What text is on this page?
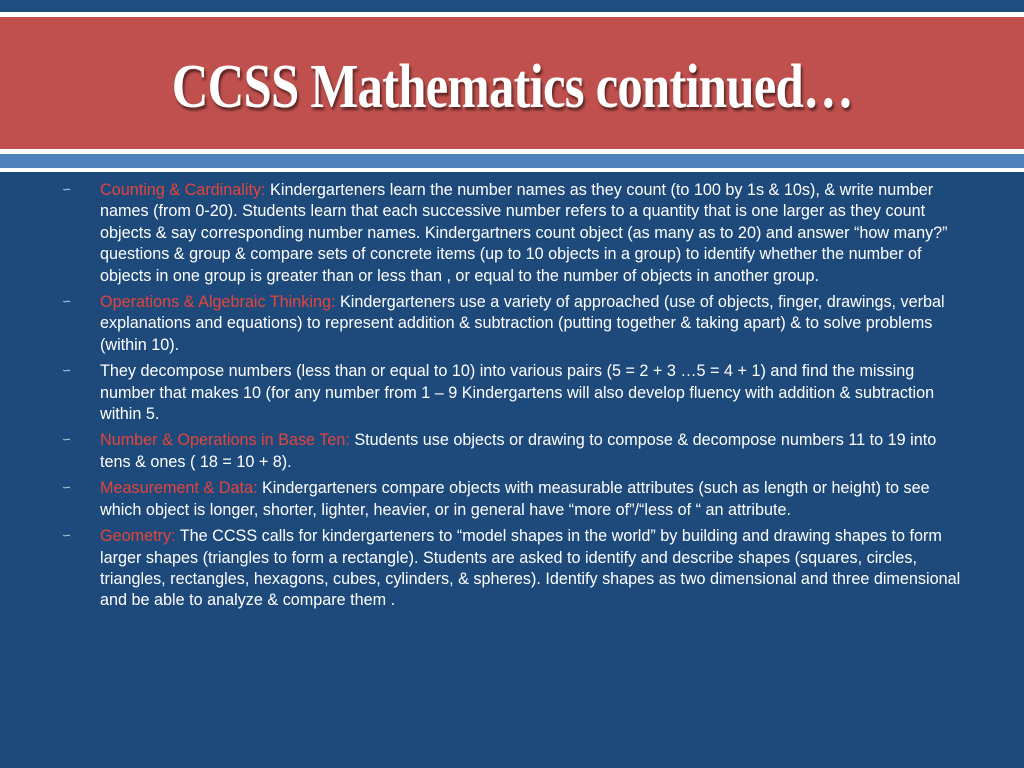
CCSS Mathematics continued…

∽ Counting & Cardinality: Kindergarteners learn the number names as they count (to 100 by 1s & 10s), & write number names (from 0-20). Students learn that each successive number refers to a quantity that is one larger as they count objects & say corresponding number names. Kindergartners count object (as many as to 20) and answer “how many?” questions & group & compare sets of concrete items (up to 10 objects in a group) to identify whether the number of objects in one group is greater than or less than , or equal to the number of objects in another group.

∽ Operations & Algebraic Thinking: Kindergarteners use a variety of approached (use of objects, finger, drawings, verbal explanations and equations) to represent addition & subtraction (putting together & taking apart) & to solve problems (within 10).

∽ They decompose numbers (less than or equal to 10) into various pairs (5 = 2 + 3 …5 = 4 + 1) and find the missing number that makes 10 (for any number from 1 – 9 Kindergartens will also develop fluency with addition & subtraction within 5.

∽ Number & Operations in Base Ten: Students use objects or drawing to compose & decompose numbers 11 to 19 into tens & ones ( 18 = 10 + 8).

∽ Measurement & Data: Kindergarteners compare objects with measurable attributes (such as length or height) to see which object is longer, shorter, lighter, heavier, or in general have “more of”/“less of “ an attribute.

∽ Geometry: The CCSS calls for kindergarteners to “model shapes in the world” by building and drawing shapes to form larger shapes (triangles to form a rectangle). Students are asked to identify and describe shapes (squares, circles, triangles, rectangles, hexagons, cubes, cylinders, & spheres). Identify shapes as two dimensional and three dimensional and be able to analyze & compare them .
